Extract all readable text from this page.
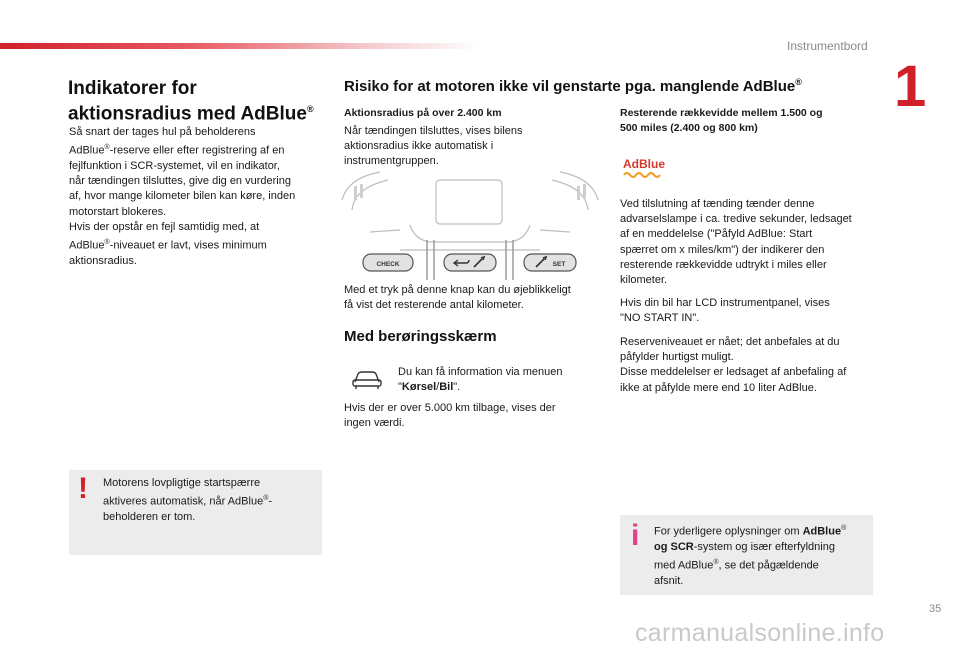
Instrumentbord
1
Indikatorer for
aktionsradius med AdBlue®

Så snart der tages hul på beholderens

AdBlue®-reserve eller efter registrering af en

fejlfunktion i SCR-systemet, vil en indikator,

når tændingen tilsluttes, give dig en vurdering

af, hvor mange kilometer bilen kan køre, inden

motorstart blokeres.

Hvis der opstår en fejl samtidig med, at

AdBlue®-niveauet er lavt, vises minimum

aktionsradius.

! Motorens lovpligtige startspærre

aktiveres automatisk, når AdBlue®-

beholderen er tom.

Risiko for at motoren ikke vil genstarte pga. manglende AdBlue®
Aktionsradius på over 2.400 km

Når tændingen tilsluttes, vises bilens

aktionsradius ikke automatisk i

instrumentgruppen.

CHECK	SET

Med et tryk på denne knap kan du øjeblikkeligt

få vist det resterende antal kilometer.

Med berøringsskærm

Du kan få information via menuen

"Kørsel/Bil".

Hvis der er over 5.000 km tilbage, vises der

ingen værdi.

Resterende rækkevidde mellem 1.500 og
500 miles (2.400 og 800 km)
AdBlue

Ved tilslutning af tænding tænder denne

advarselslampe i ca. tredive sekunder, ledsaget

af en meddelelse ("Påfyld AdBlue: Start

spærret om x miles/km") der indikerer den

resterende rækkevidde udtrykt i miles eller

kilometer.

Hvis din bil har LCD instrumentpanel, vises

"NO START IN".

Reserveniveauet er nået; det anbefales at du

påfylder hurtigst muligt.

Disse meddelelser er ledsaget af anbefaling af

ikke at påfylde mere end 10 liter AdBlue.

i For yderligere oplysninger om AdBlue®

og SCR-system og især efterfyldning

med AdBlue®, se det pågældende

afsnit.

35
carmanualsonline.info
